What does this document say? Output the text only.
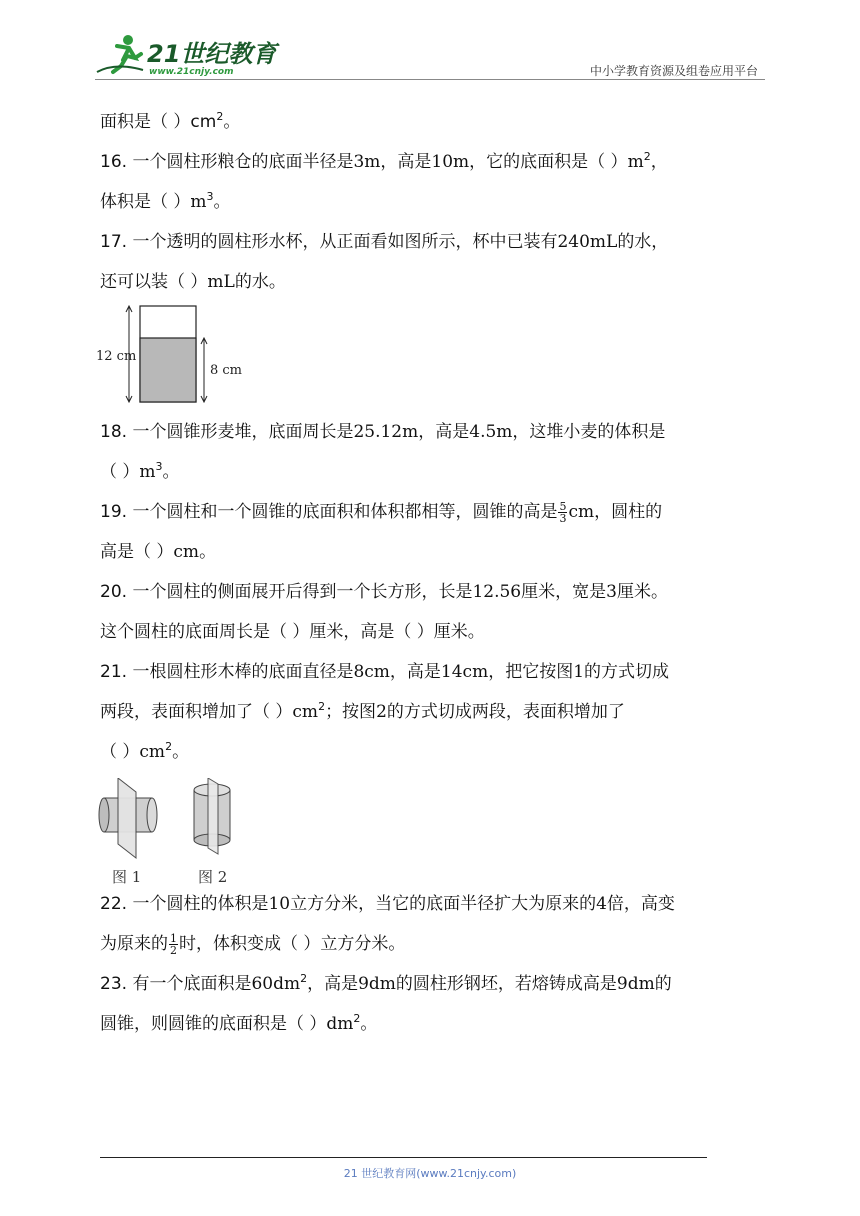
21世纪教育
www.21cnjy.com	中小学教育资源及组卷应用平台
面积是（ ）$cm^2$。
16. 一个圆柱形粮仓的底面半径是3m，高是10m，它的底面积是（ ）$m^2$，
体积是（ ）$m^3$。
17. 一个透明的圆柱形水杯，从正面看如图所示，杯中已装有240mL的水，
还可以装（ ）mL的水。
12 cm
8 cm
18. 一个圆锥形麦堆，底面周长是25.12m，高是4.5m，这堆小麦的体积是
（ ）$m^3$。
19. 一个圆柱和一个圆锥的底面积和体积都相等，圆锥的高是 $\frac{5}{3}$ cm，圆柱的
高是（ ）cm。
20. 一个圆柱的侧面展开后得到一个长方形，长是12.56厘米，宽是3厘米。
这个圆柱的底面周长是（ ）厘米，高是（ ）厘米。
21. 一根圆柱形木棒的底面直径是8cm，高是14cm，把它按图1的方式切成
两段，表面积增加了（ ）$cm^2$；按图2的方式切成两段，表面积增加了
（ ）$cm^2$。
图 1	图 2
22. 一个圆柱的体积是10立方分米，当它的底面半径扩大为原来的4倍，高变
为原来的 $\frac{1}{2}$ 时，体积变成（ ）立方分米。
23. 有一个底面积是$60dm^2$，高是9dm的圆柱形钢坯，若熔铸成高是9dm的
圆锥，则圆锥的底面积是（ ）$dm^2$。
21 世纪教育网(www.21cnjy.com)
